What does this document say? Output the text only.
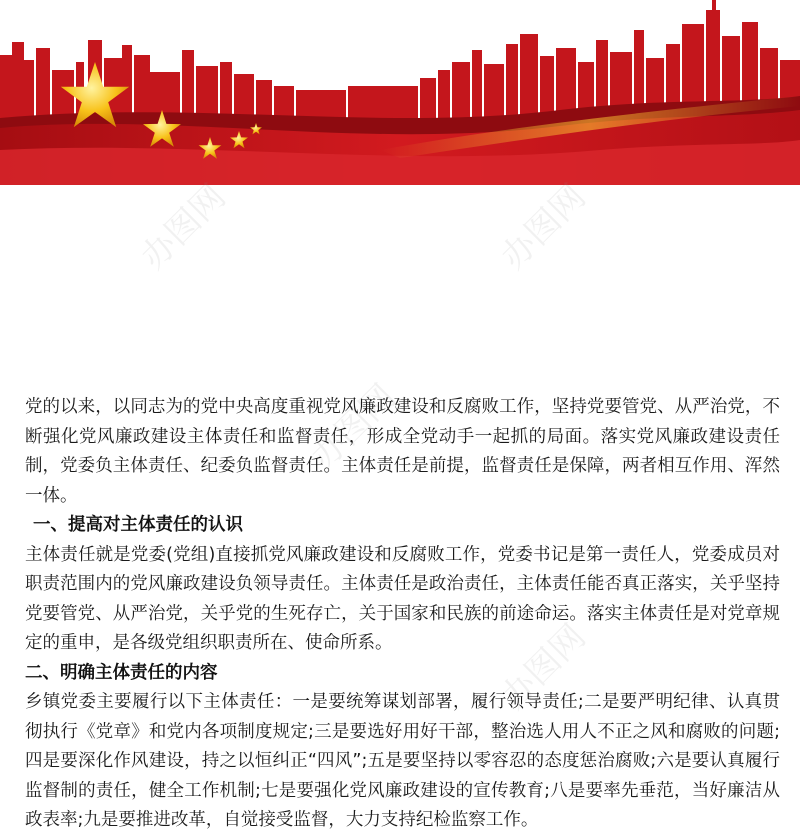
办图网	办图网
办图网
办图网

党的以来，以同志为的党中央高度重视党风廉政建设和反腐败工作，坚持党要管党、从严治党，不断强化党风廉政建设主体责任和监督责任，形成全党动手一起抓的局面。落实党风廉政建设责任制，党委负主体责任、纪委负监督责任。主体责任是前提，监督责任是保障，两者相互作用、浑然一体。

一、提高对主体责任的认识

主体责任就是党委(党组)直接抓党风廉政建设和反腐败工作，党委书记是第一责任人，党委成员对职责范围内的党风廉政建设负领导责任。主体责任是政治责任，主体责任能否真正落实，关乎坚持党要管党、从严治党，关乎党的生死存亡，关于国家和民族的前途命运。落实主体责任是对党章规定的重申，是各级党组织职责所在、使命所系。

二、明确主体责任的内容

乡镇党委主要履行以下主体责任：一是要统筹谋划部署，履行领导责任;二是要严明纪律、认真贯彻执行《党章》和党内各项制度规定;三是要选好用好干部，整治选人用人不正之风和腐败的问题;四是要深化作风建设，持之以恒纠正“四风”;五是要坚持以零容忍的态度惩治腐败;六是要认真履行监督制的责任，健全工作机制;七是要强化党风廉政建设的宣传教育;八是要率先垂范，当好廉洁从政表率;九是要推进改革，自觉接受监督，大力支持纪检监察工作。
